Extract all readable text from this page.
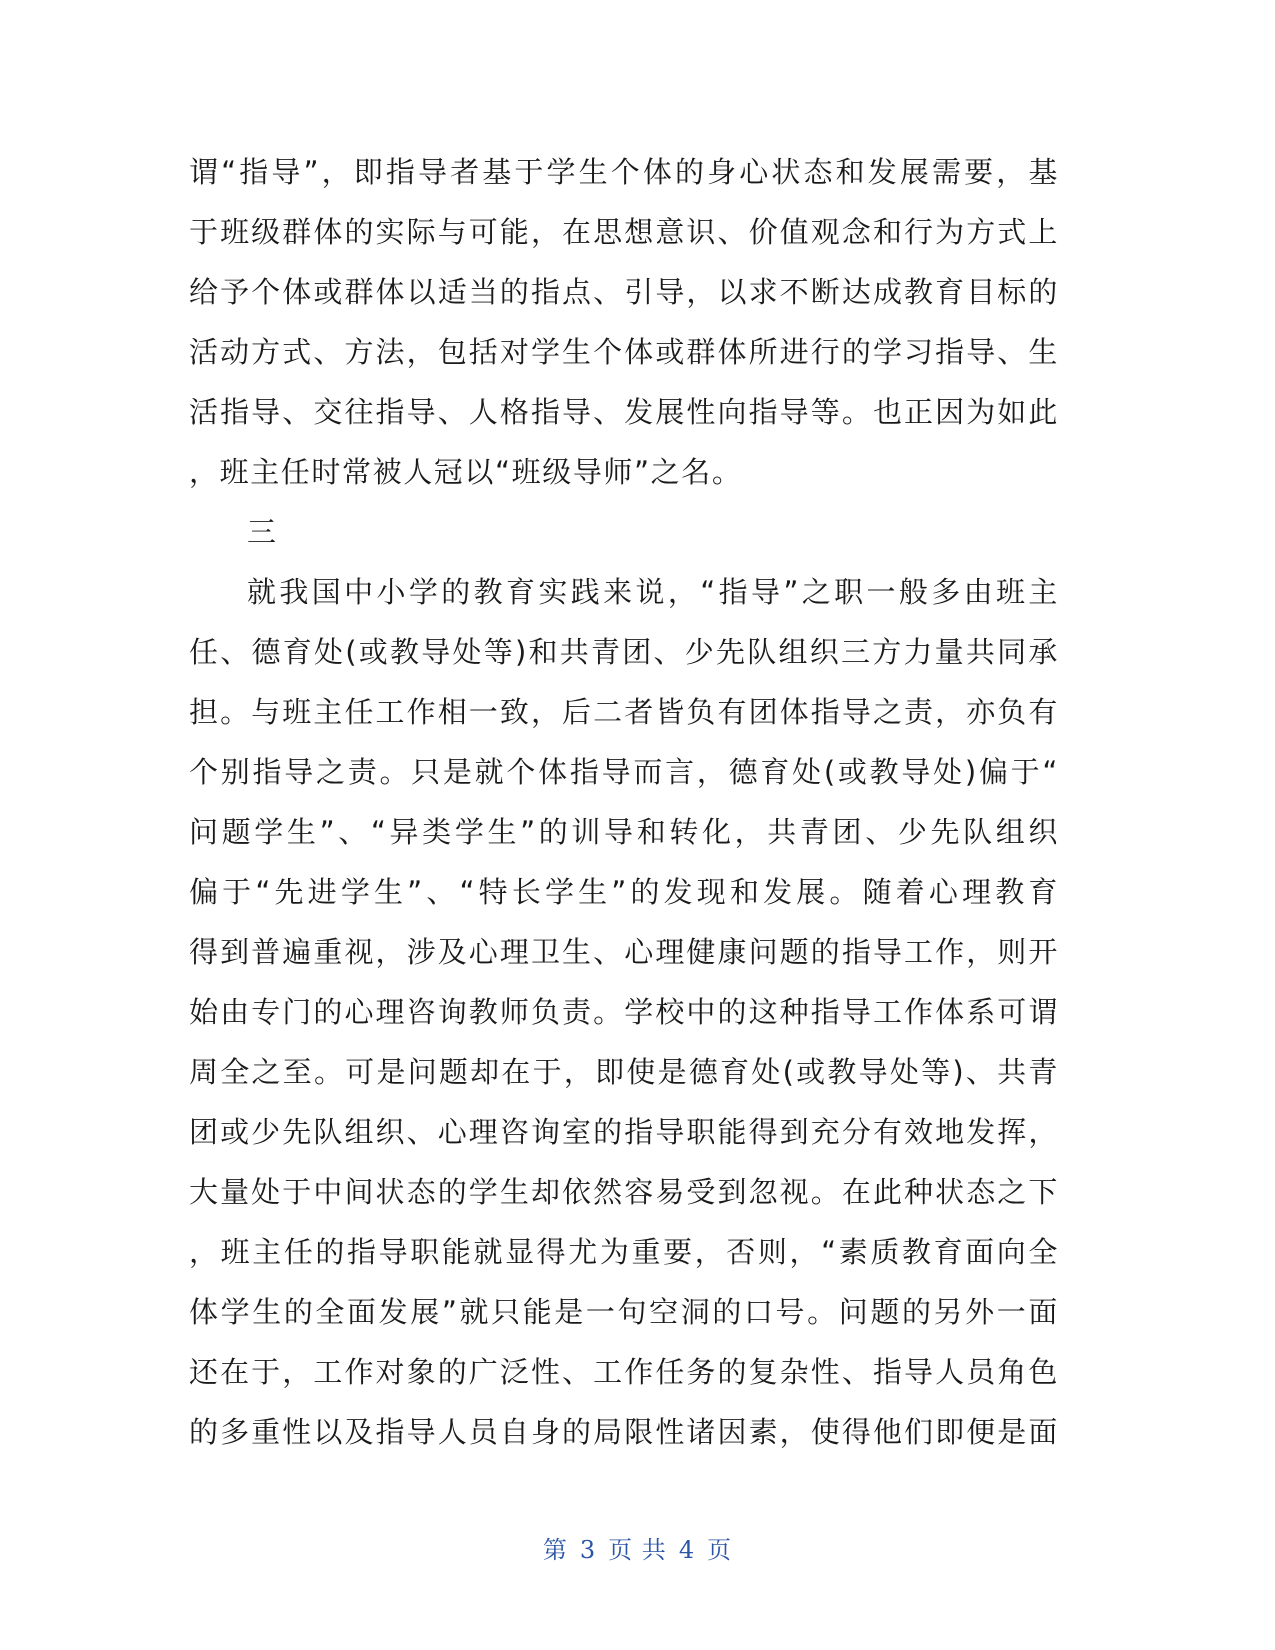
谓“指导”，即指导者基于学生个体的身心状态和发展需要，基
于班级群体的实际与可能，在思想意识、价值观念和行为方式上
给予个体或群体以适当的指点、引导，以求不断达成教育目标的
活动方式、方法，包括对学生个体或群体所进行的学习指导、生
活指导、交往指导、人格指导、发展性向指导等。也正因为如此
，班主任时常被人冠以“班级导师”之名。
三
就我国中小学的教育实践来说，“指导”之职一般多由班主
任、德育处(或教导处等)和共青团、少先队组织三方力量共同承
担。与班主任工作相一致，后二者皆负有团体指导之责，亦负有
个别指导之责。只是就个体指导而言，德育处(或教导处)偏于“
问题学生”、“异类学生”的训导和转化，共青团、少先队组织
偏于“先进学生”、“特长学生”的发现和发展。随着心理教育
得到普遍重视，涉及心理卫生、心理健康问题的指导工作，则开
始由专门的心理咨询教师负责。学校中的这种指导工作体系可谓
周全之至。可是问题却在于，即使是德育处(或教导处等)、共青
团或少先队组织、心理咨询室的指导职能得到充分有效地发挥，
大量处于中间状态的学生却依然容易受到忽视。在此种状态之下
，班主任的指导职能就显得尤为重要，否则，“素质教育面向全
体学生的全面发展”就只能是一句空洞的口号。问题的另外一面
还在于，工作对象的广泛性、工作任务的复杂性、指导人员角色
的多重性以及指导人员自身的局限性诸因素，使得他们即便是面
第 3 页 共 4 页
